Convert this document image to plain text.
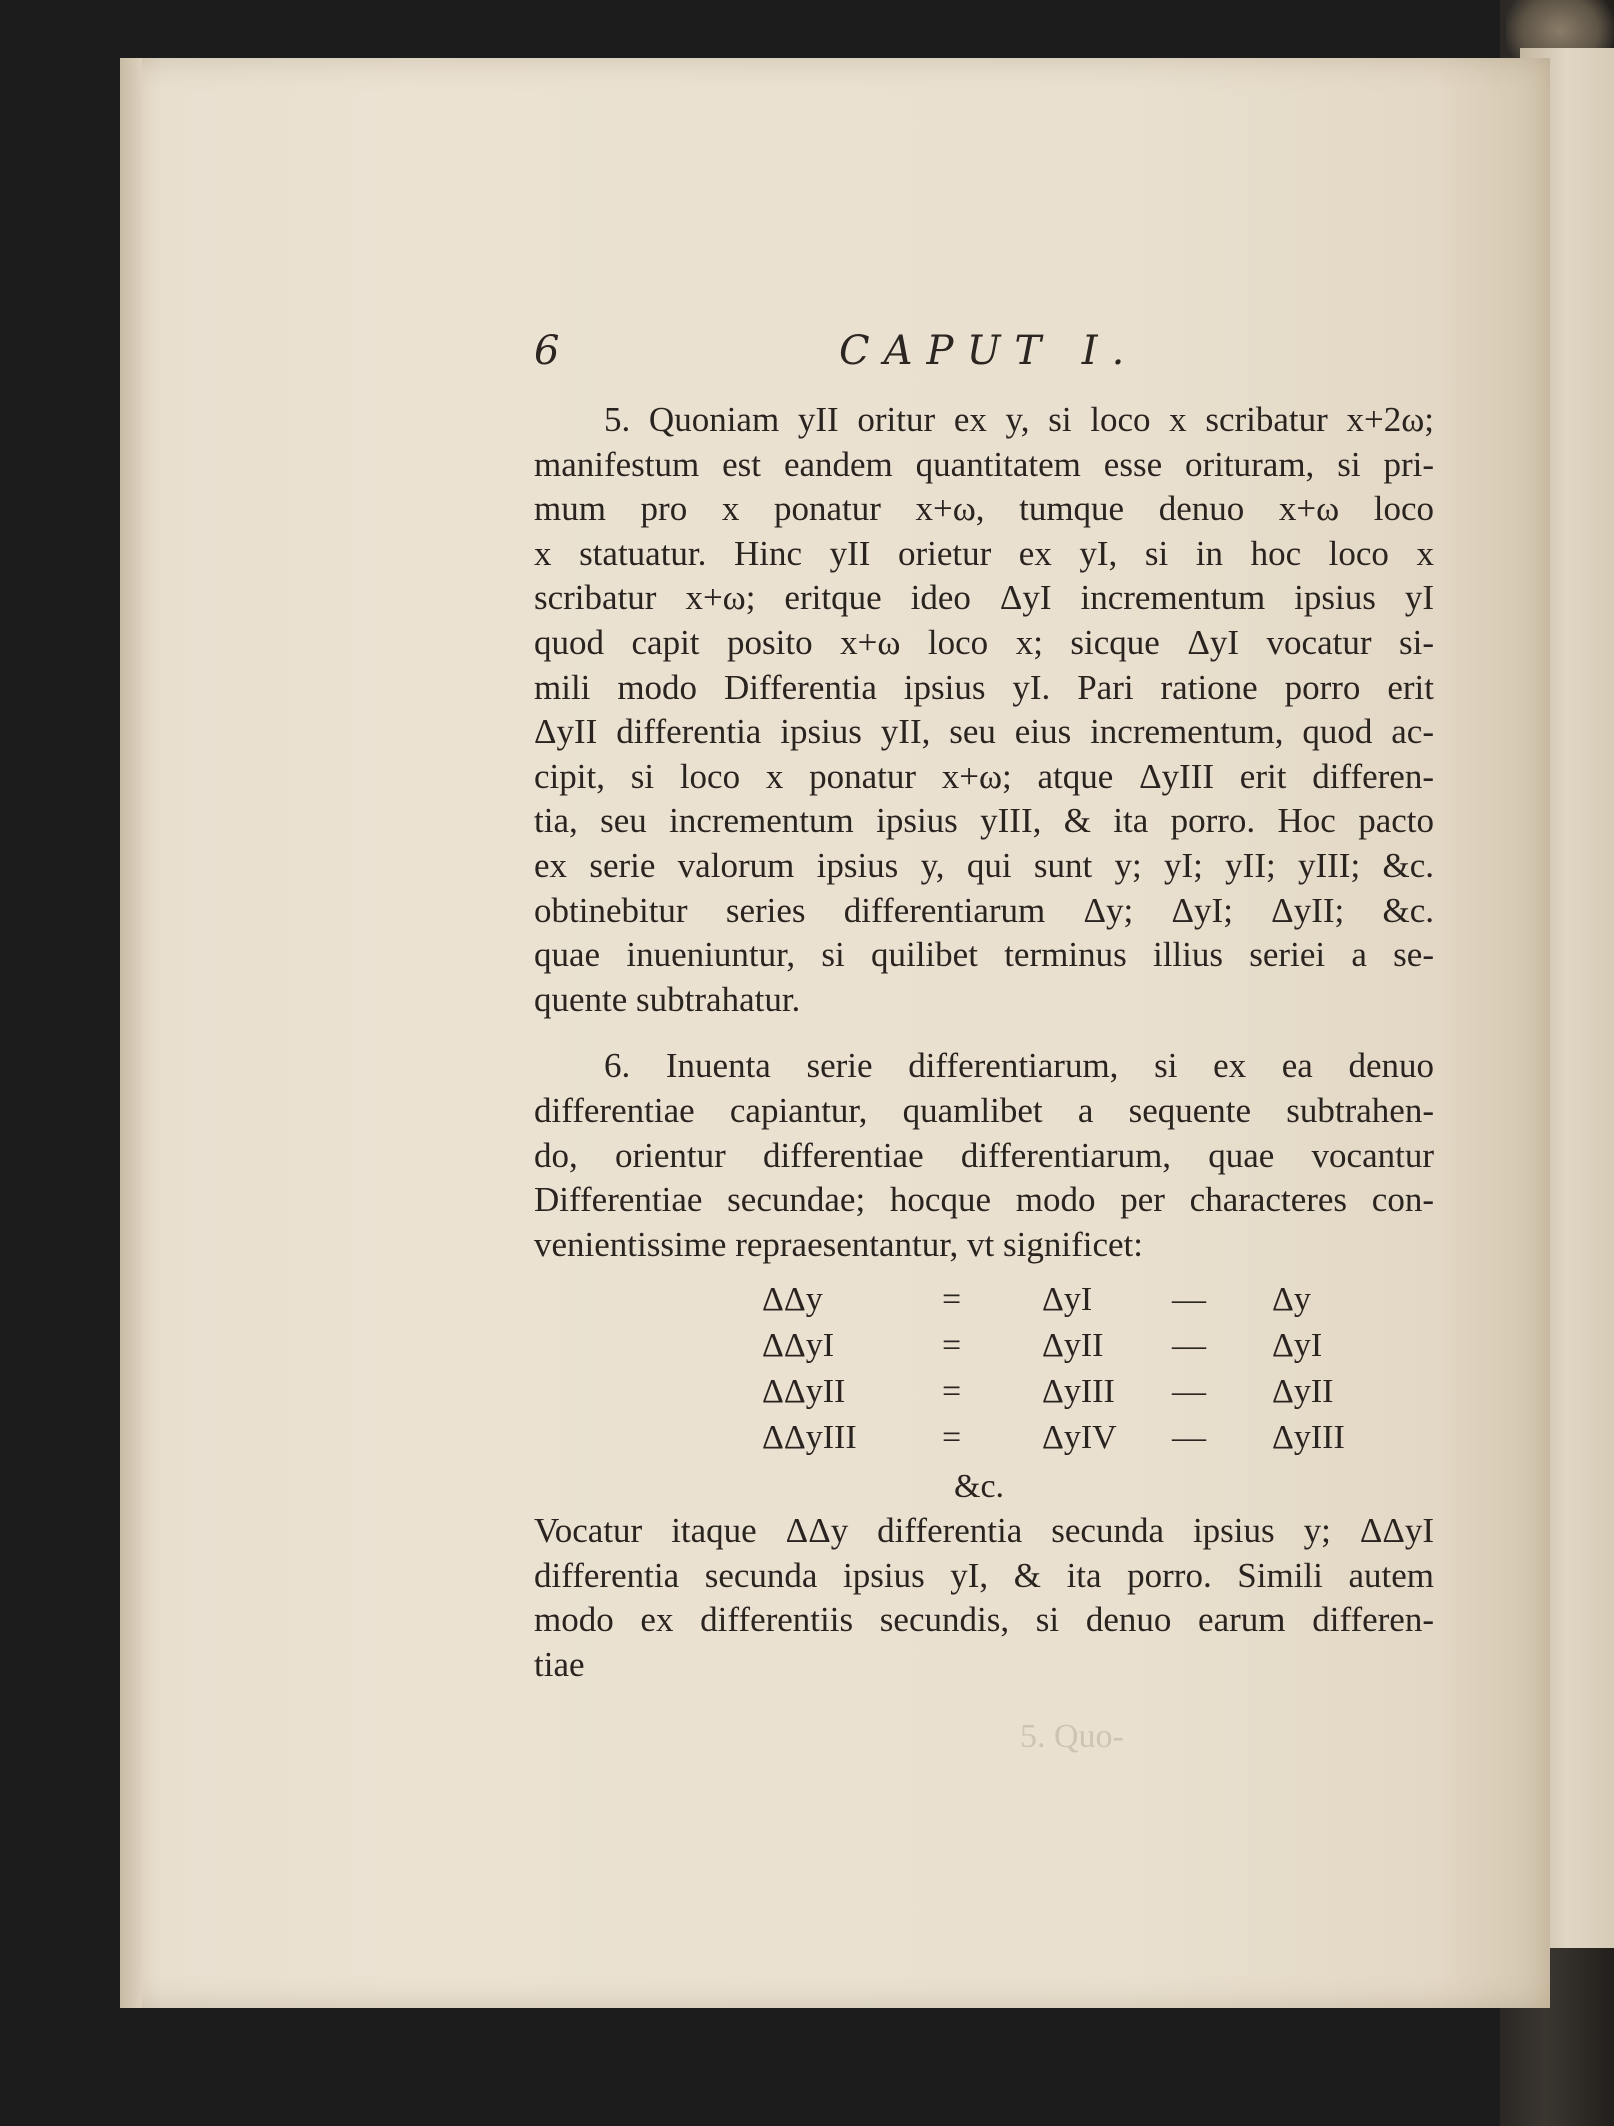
5. Quo-
6	CAPUT I.

5. Quoniam yII oritur ex y, si loco x scribatur x+2ω;

manifestum est eandem quantitatem esse orituram, si pri-

mum pro x ponatur x+ω, tumque denuo x+ω loco

x statuatur. Hinc yII orietur ex yI, si in hoc loco x

scribatur x+ω; eritque ideo ΔyI incrementum ipsius yI

quod capit posito x+ω loco x; sicque ΔyI vocatur si-

mili modo Differentia ipsius yI. Pari ratione porro erit

ΔyII differentia ipsius yII, seu eius incrementum, quod ac-

cipit, si loco x ponatur x+ω; atque ΔyIII erit differen-

tia, seu incrementum ipsius yIII, & ita porro. Hoc pacto

ex serie valorum ipsius y, qui sunt y; yI; yII; yIII; &c.

obtinebitur series differentiarum Δy; ΔyI; ΔyII; &c.

quae inueniuntur, si quilibet terminus illius seriei a se-

quente subtrahatur.

6. Inuenta serie differentiarum, si ex ea denuo

differentiae capiantur, quamlibet a sequente subtrahen-

do, orientur differentiae differentiarum, quae vocantur

Differentiae secundae; hocque modo per characteres con-

venientissime repraesentantur, vt significet:

ΔΔy	=	ΔyI	—	Δy
ΔΔyI	=	ΔyII	—	ΔyI
ΔΔyII	=	ΔyIII	—	ΔyII
ΔΔyIII	=	ΔyIV	—	ΔyIII
&c.

Vocatur itaque ΔΔy differentia secunda ipsius y; ΔΔyI

differentia secunda ipsius yI, & ita porro. Simili autem

modo ex differentiis secundis, si denuo earum differen-

tiae
